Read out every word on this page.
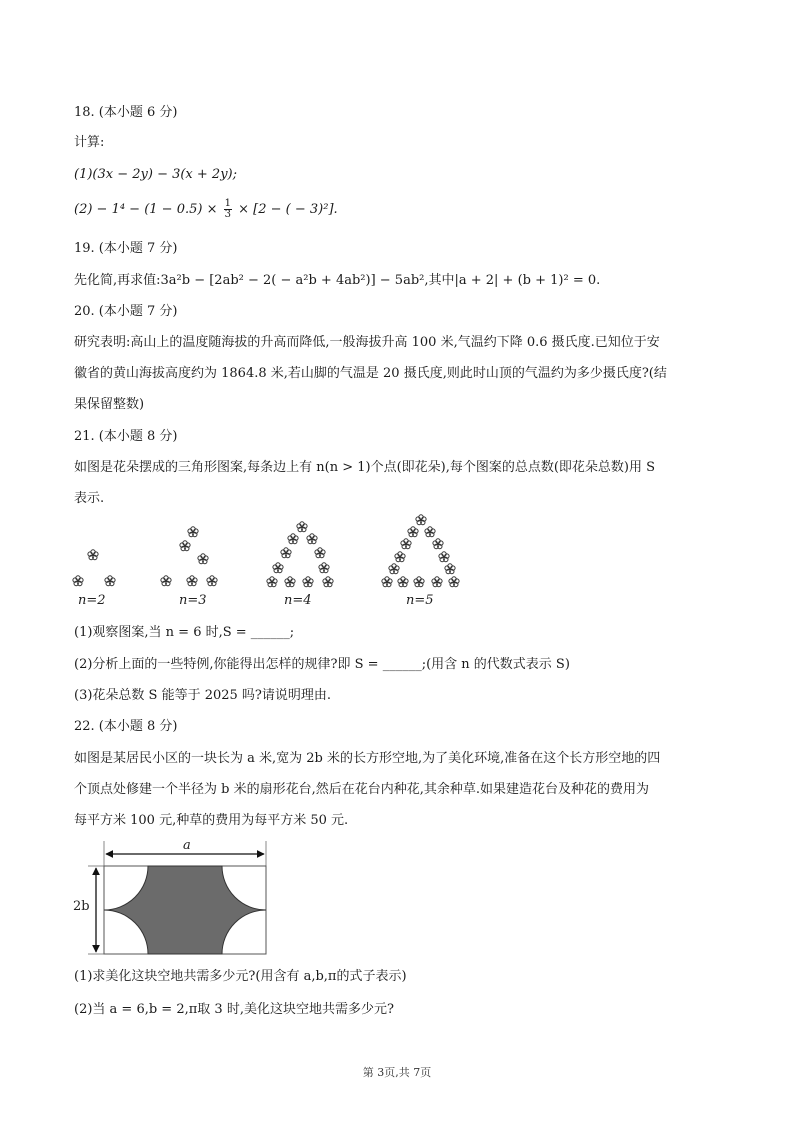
18. (本小题 6 分)
计算:
(1)(3x − 2y) − 3(x + 2y);
$(2) - 1^4 - (1 - 0.5) \times \frac{1}{3} \times [2$ − ( − 3)²].
19. (本小题 7 分)
先化简,再求值:3a²b − [2ab² − 2( − a²b + 4ab²)] − 5ab²,其中|a + 2| + (b + 1)² = 0.
20. (本小题 7 分)
研究表明:高山上的温度随海拔的升高而降低,一般海拔升高 100 米,气温约下降 0.6 摄氏度.已知位于安
徽省的黄山海拔高度约为 1864.8 米,若山脚的气温是 20 摄氏度,则此时山顶的气温约为多少摄氏度?(结
果保留整数)
21. (本小题 8 分)
如图是花朵摆成的三角形图案,每条边上有 n(n > 1)个点(即花朵),每个图案的总点数(即花朵总数)用 S
表示.
n=2	n=3	n=4	n=5
(1)观察图案,当 n = 6 时,S = ______;
(2)分析上面的一些特例,你能得出怎样的规律?即 S = ______;(用含 n 的代数式表示 S)
(3)花朵总数 S 能等于 2025 吗?请说明理由.
22. (本小题 8 分)
如图是某居民小区的一块长为 a 米,宽为 2b 米的长方形空地,为了美化环境,准备在这个长方形空地的四
个顶点处修建一个半径为 b 米的扇形花台,然后在花台内种花,其余种草.如果建造花台及种花的费用为
每平方米 100 元,种草的费用为每平方米 50 元.
a
2b
(1)求美化这块空地共需多少元?(用含有 a,b,π的式子表示)
(2)当 a = 6,b = 2,π取 3 时,美化这块空地共需多少元?
第 3页,共 7页
